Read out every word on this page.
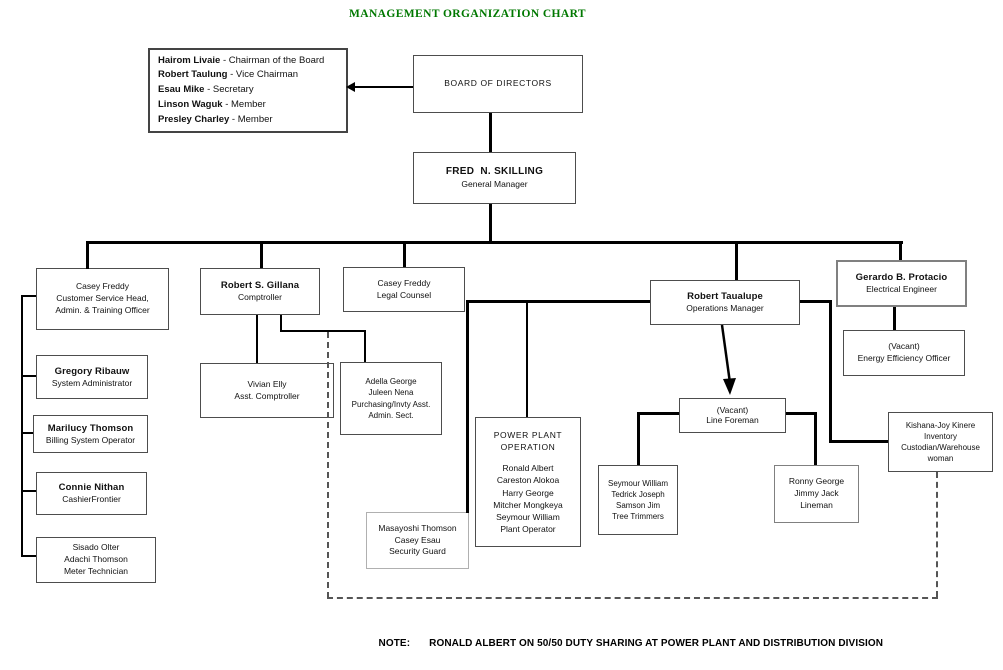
MANAGEMENT ORGANIZATION CHART
Hairom Livaie - Chairman of the Board
Robert Taulung - Vice Chairman
Esau Mike - Secretary
Linson Waguk - Member
Presley Charley - Member
BOARD OF DIRECTORS
FRED  N. SKILLING
General Manager
Casey Freddy
Customer Service Head,
Admin. & Training Officer
Gregory Ribauw
System Administrator
Marilucy Thomson
Billing System Operator
Connie Nithan
CashierFrontier
Sisado Olter
Adachi Thomson
Meter Technician
Robert S. Gillana
Comptroller
Casey Freddy
Legal Counsel
Vivian Elly
Asst. Comptroller
Adella George
Juleen Nena
Purchasing/Invty Asst.
Admin. Sect.
POWER PLANT
OPERATION
Ronald Albert
Careston Alokoa
Harry George
Mitcher Mongkeya
Seymour William
Plant Operator
Masayoshi Thomson
Casey Esau
Security Guard
Robert Taualupe
Operations Manager
Gerardo B. Protacio
Electrical Engineer
(Vacant)
Energy Efficiency Officer
(Vacant)
Line Foreman
Seymour William
Tedrick Joseph
Samson Jim
Tree Trimmers
Ronny George
Jimmy Jack
Lineman
Kishana-Joy Kinere
Inventory
Custodian/Warehouse
woman

NOTE: RONALD ALBERT ON 50/50 DUTY SHARING AT POWER PLANT AND DISTRIBUTION DIVISION
